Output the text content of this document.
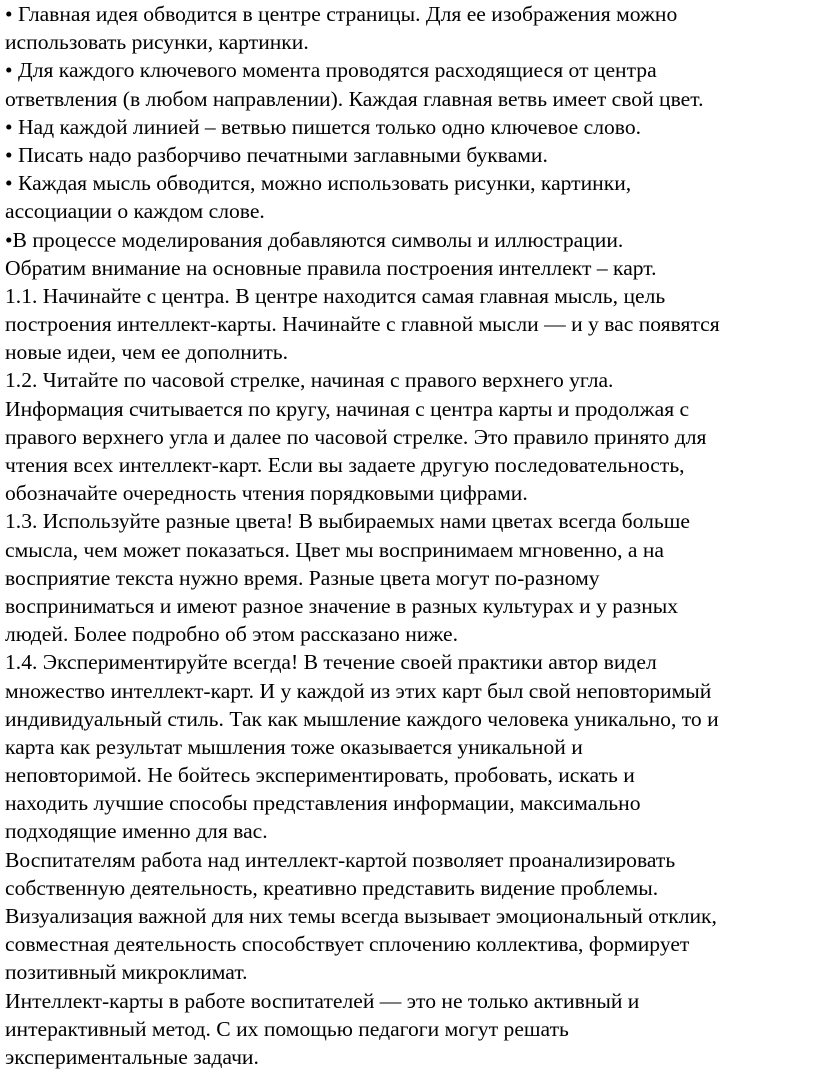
• Главная идея обводится в центре страницы. Для ее изображения можно
использовать рисунки, картинки.
• Для каждого ключевого момента проводятся расходящиеся от центра
ответвления (в любом направлении). Каждая главная ветвь имеет свой цвет.
• Над каждой линией – ветвью пишется только одно ключевое слово.
• Писать надо разборчиво печатными заглавными буквами.
• Каждая мысль обводится, можно использовать рисунки, картинки,
ассоциации о каждом слове.
•В процессе моделирования добавляются символы и иллюстрации.
Обратим внимание на основные правила построения интеллект – карт.
1.1. Начинайте с центра. В центре находится самая главная мысль, цель
построения интеллект-карты. Начинайте с главной мысли — и у вас появятся
новые идеи, чем ее дополнить.
1.2. Читайте по часовой стрелке, начиная с правого верхнего угла.
Информация считывается по кругу, начиная с центра карты и продолжая с
правого верхнего угла и далее по часовой стрелке. Это правило принято для
чтения всех интеллект-карт. Если вы задаете другую последовательность,
обозначайте очередность чтения порядковыми цифрами.
1.3. Используйте разные цвета! В выбираемых нами цветах всегда больше
смысла, чем может показаться. Цвет мы воспринимаем мгновенно, а на
восприятие текста нужно время. Разные цвета могут по-разному
восприниматься и имеют разное значение в разных культурах и у разных
людей. Более подробно об этом рассказано ниже.
1.4. Экспериментируйте всегда! В течение своей практики автор видел
множество интеллект-карт. И у каждой из этих карт был свой неповторимый
индивидуальный стиль. Так как мышление каждого человека уникально, то и
карта как результат мышления тоже оказывается уникальной и
неповторимой. Не бойтесь экспериментировать, пробовать, искать и
находить лучшие способы представления информации, максимально
подходящие именно для вас.
Воспитателям работа над интеллект-картой позволяет проанализировать
собственную деятельность, креативно представить видение проблемы.
Визуализация важной для них темы всегда вызывает эмоциональный отклик,
совместная деятельность способствует сплочению коллектива, формирует
позитивный микроклимат.
Интеллект-карты в работе воспитателей — это не только активный и
интерактивный метод. С их помощью педагоги могут решать
экспериментальные задачи.
